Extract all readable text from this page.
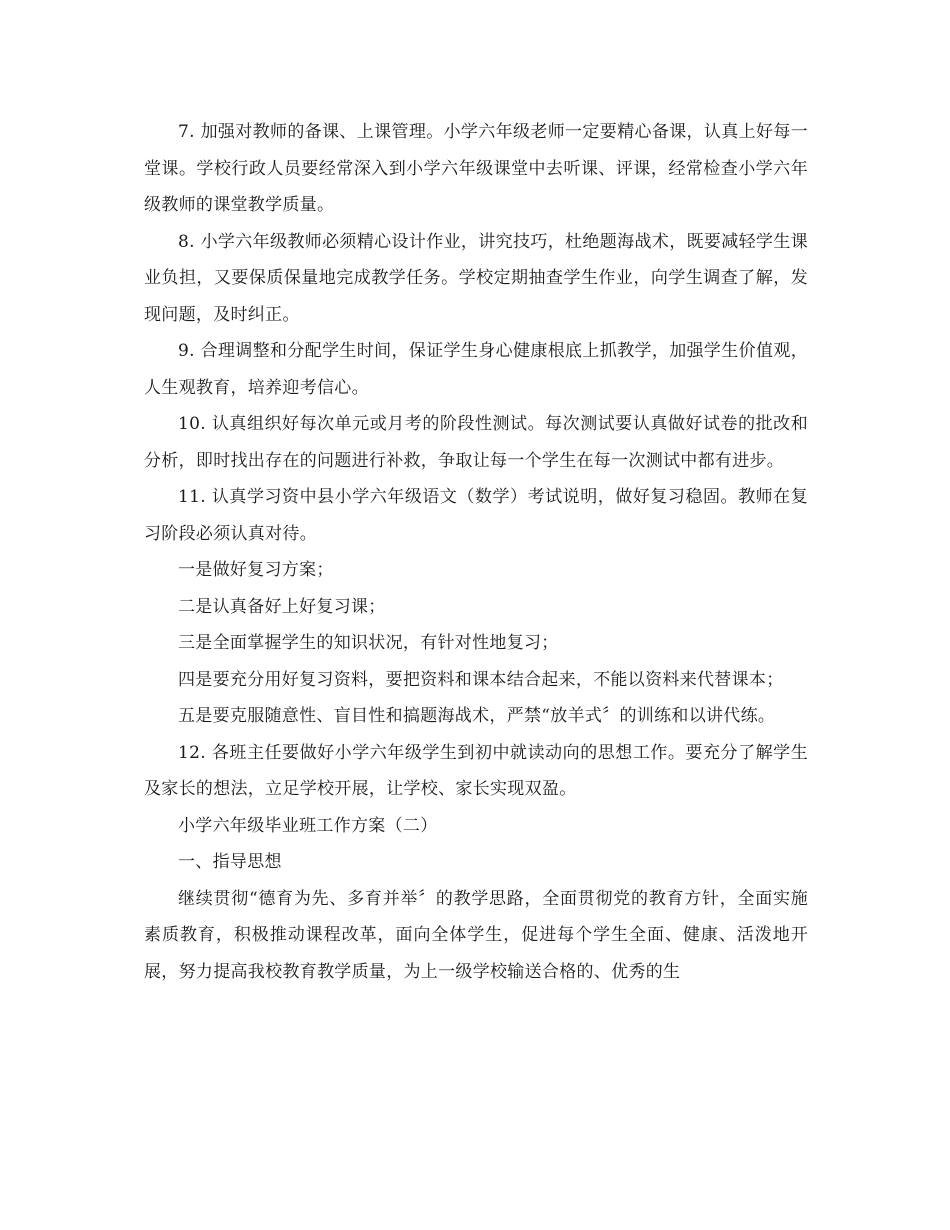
7. 加强对教师的备课、上课管理。小学六年级老师一定要精心备课，认真上好每一堂课。学校行政人员要经常深入到小学六年级课堂中去听课、评课，经常检查小学六年级教师的课堂教学质量。

8. 小学六年级教师必须精心设计作业，讲究技巧，杜绝题海战术，既要减轻学生课业负担，又要保质保量地完成教学任务。学校定期抽查学生作业，向学生调查了解，发现问题，及时纠正。

9. 合理调整和分配学生时间，保证学生身心健康根底上抓教学，加强学生价值观，人生观教育，培养迎考信心。

10. 认真组织好每次单元或月考的阶段性测试。每次测试要认真做好试卷的批改和分析，即时找出存在的问题进行补救，争取让每一个学生在每一次测试中都有进步。

11. 认真学习资中县小学六年级语文（数学）考试说明，做好复习稳固。教师在复习阶段必须认真对待。

一是做好复习方案；

二是认真备好上好复习课；

三是全面掌握学生的知识状况，有针对性地复习；

四是要充分用好复习资料，要把资料和课本结合起来，不能以资料来代替课本；

五是要克服随意性、盲目性和搞题海战术，严禁“放羊式〞的训练和以讲代练。

12. 各班主任要做好小学六年级学生到初中就读动向的思想工作。要充分了解学生及家长的想法，立足学校开展，让学校、家长实现双盈。

小学六年级毕业班工作方案（二）

一、指导思想

继续贯彻“德育为先、多育并举〞的教学思路，全面贯彻党的教育方针，全面实施素质教育，积极推动课程改革，面向全体学生，促进每个学生全面、健康、活泼地开展，努力提高我校教育教学质量，为上一级学校输送合格的、优秀的生
